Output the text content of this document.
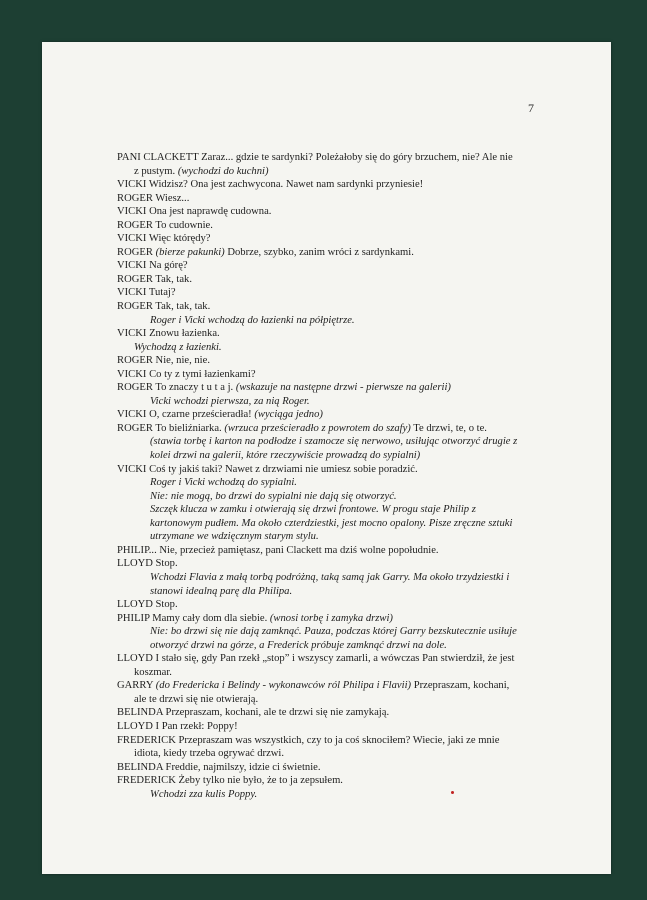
7
PANI CLACKETT Zaraz... gdzie te sardynki? Poleżałoby się do góry brzuchem, nie? Ale nie
z pustym. (wychodzi do kuchni)
VICKI Widzisz? Ona jest zachwycona. Nawet nam sardynki przyniesie!
ROGER Wiesz...
VICKI Ona jest naprawdę cudowna.
ROGER To cudownie.
VICKI Więc którędy?
ROGER (bierze pakunki) Dobrze, szybko, zanim wróci z sardynkami.
VICKI Na górę?
ROGER Tak, tak.
VICKI Tutaj?
ROGER Tak, tak, tak.
Roger i Vicki wchodzą do łazienki na półpiętrze.
VICKI Znowu łazienka.
Wychodzą z łazienki.
ROGER Nie, nie, nie.
VICKI Co ty z tymi łazienkami?
ROGER To znaczy t u t a j. (wskazuje na następne drzwi - pierwsze na galerii)
Vicki wchodzi pierwsza, za nią Roger.
VICKI O, czarne prześcieradła! (wyciąga jedno)
ROGER To bieliźniarka. (wrzuca prześcieradło z powrotem do szafy) Te drzwi, te, o te.
(stawia torbę i karton na podłodze i szamocze się nerwowo, usiłując otworzyć drugie z
kolei drzwi na galerii, które rzeczywiście prowadzą do sypialni)
VICKI Coś ty jakiś taki? Nawet z drzwiami nie umiesz sobie poradzić.
Roger i Vicki wchodzą do sypialni.
Nie: nie mogą, bo drzwi do sypialni nie dają się otworzyć.
Szczęk klucza w zamku i otwierają się drzwi frontowe. W progu staje Philip z
kartonowym pudłem. Ma około czterdziestki, jest mocno opalony. Pisze zręczne sztuki
utrzymane we wdzięcznym starym stylu.
PHILIP... Nie, przecież pamiętasz, pani Clackett ma dziś wolne popołudnie.
LLOYD Stop.
Wchodzi Flavia z małą torbą podróżną, taką samą jak Garry. Ma około trzydziestki i
stanowi idealną parę dla Philipa.
LLOYD Stop.
PHILIP Mamy cały dom dla siebie. (wnosi torbę i zamyka drzwi)
Nie: bo drzwi się nie dają zamknąć. Pauza, podczas której Garry bezskutecznie usiłuje
otworzyć drzwi na górze, a Frederick próbuje zamknąć drzwi na dole.
LLOYD I stało się, gdy Pan rzekł „stop” i wszyscy zamarli, a wówczas Pan stwierdził, że jest
koszmar.
GARRY (do Fredericka i Belindy - wykonawców ról Philipa i Flavii) Przepraszam, kochani,
ale te drzwi się nie otwierają.
BELINDA Przepraszam, kochani, ale te drzwi się nie zamykają.
LLOYD I Pan rzekł: Poppy!
FREDERICK Przepraszam was wszystkich, czy to ja coś sknociłem? Wiecie, jaki ze mnie
idiota, kiedy trzeba ogrywać drzwi.
BELINDA Freddie, najmilszy, idzie ci świetnie.
FREDERICK Żeby tylko nie było, że to ja zepsułem.
Wchodzi zza kulis Poppy.
